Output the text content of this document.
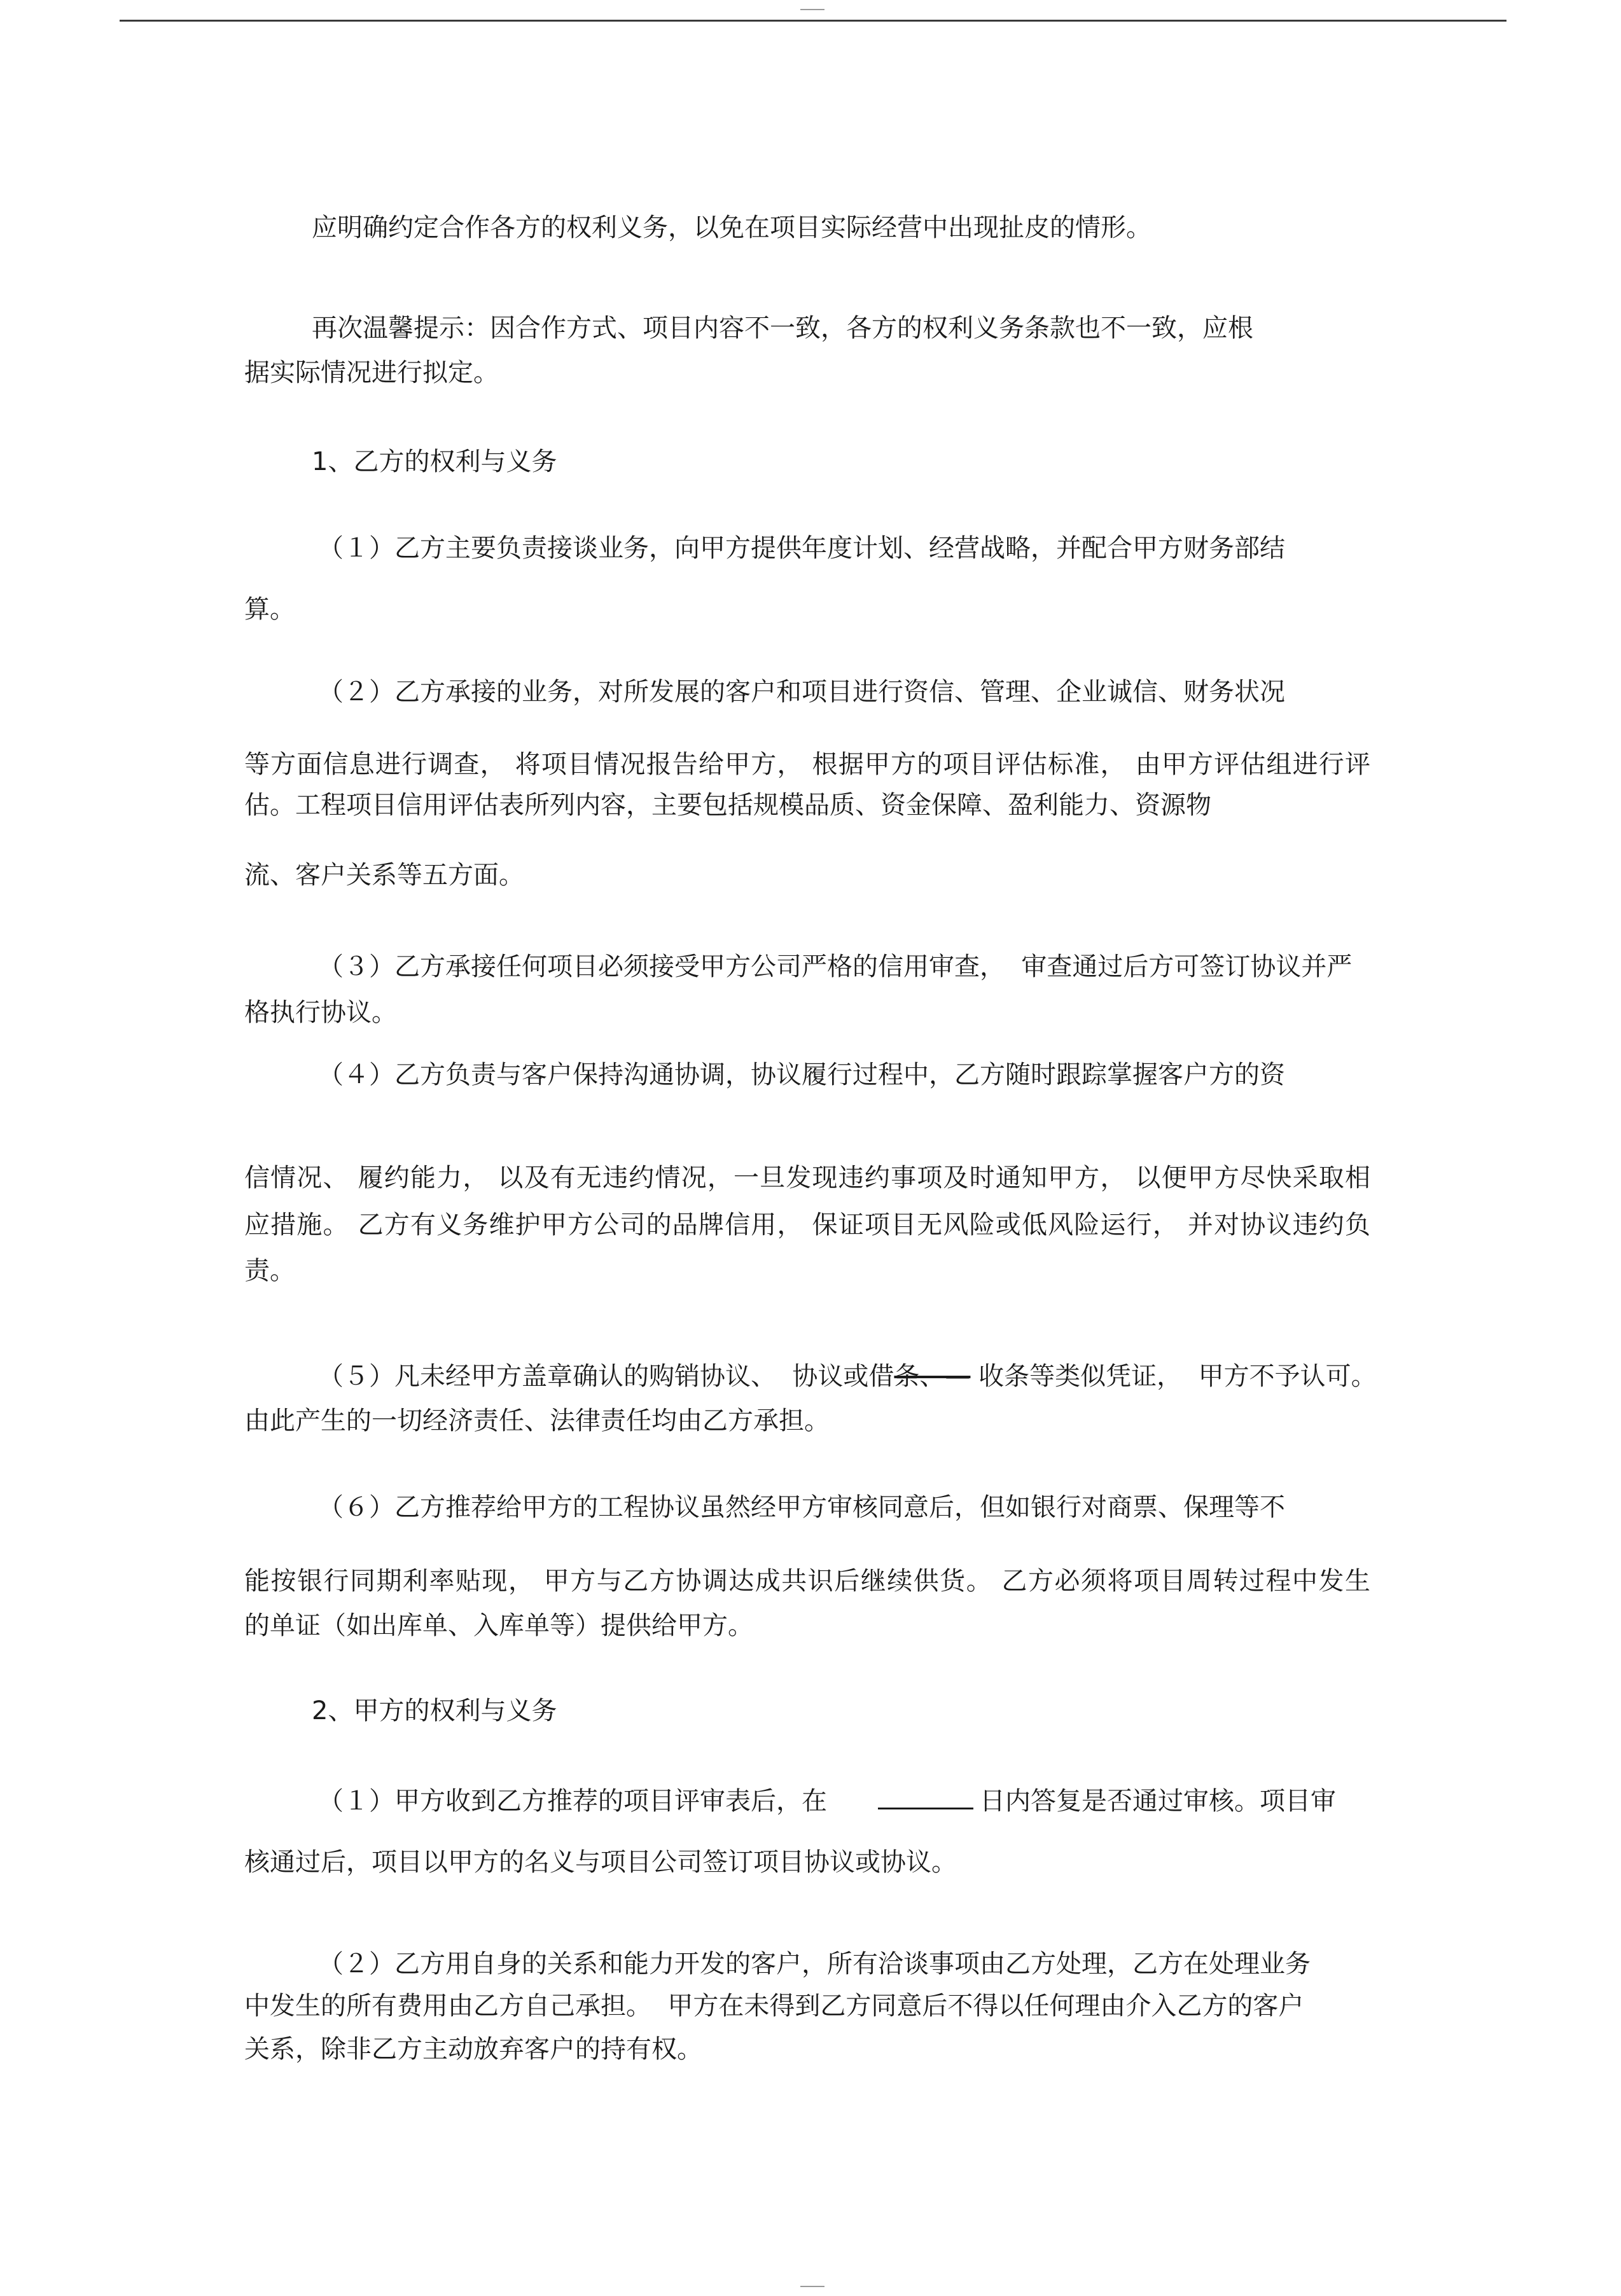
应明确约定合作各方的权利义务，以免在项目实际经营中出现扯皮的情形。
再次温馨提示：因合作方式、项目内容不一致，各方的权利义务条款也不一致，应根
据实际情况进行拟定。
1、乙方的权利与义务
（１）乙方主要负责接谈业务，向甲方提供年度计划、经营战略，并配合甲方财务部结
算。
（２）乙方承接的业务，对所发展的客户和项目进行资信、管理、企业诚信、财务状况
等方面信息进行调查， 将项目情况报告给甲方， 根据甲方的项目评估标准， 由甲方评估组进行评
估。工程项目信用评估表所列内容，主要包括规模品质、资金保障、盈利能力、资源物
流、客户关系等五方面。
（３）乙方承接任何项目必须接受甲方公司严格的信用审查，  审查通过后方可签订协议并严
格执行协议。
（４）乙方负责与客户保持沟通协调，协议履行过程中，乙方随时跟踪掌握客户方的资
信情况、 履约能力， 以及有无违约情况，一旦发现违约事项及时通知甲方， 以便甲方尽快采取相
应措施。 乙方有义务维护甲方公司的品牌信用， 保证项目无风险或低风险运行， 并对协议违约负
责。
（５）凡未经甲方盖章确认的购销协议、  协议或借条、— 收条等类似凭证，  甲方不予认可。
由此产生的一切经济责任、法律责任均由乙方承担。
（６）乙方推荐给甲方的工程协议虽然经甲方审核同意后，但如银行对商票、保理等不
能按银行同期利率贴现， 甲方与乙方协调达成共识后继续供货。 乙方必须将项目周转过程中发生
的单证（如出库单、入库单等）提供给甲方。
2、甲方的权利与义务
（１）甲方收到乙方推荐的项目评审表后，在	日内答复是否通过审核。项目审
核通过后，项目以甲方的名义与项目公司签订项目协议或协议。
（２）乙方用自身的关系和能力开发的客户，所有洽谈事项由乙方处理，乙方在处理业务
中发生的所有费用由乙方自己承担。  甲方在未得到乙方同意后不得以任何理由介入乙方的客户
关系，除非乙方主动放弃客户的持有权。
